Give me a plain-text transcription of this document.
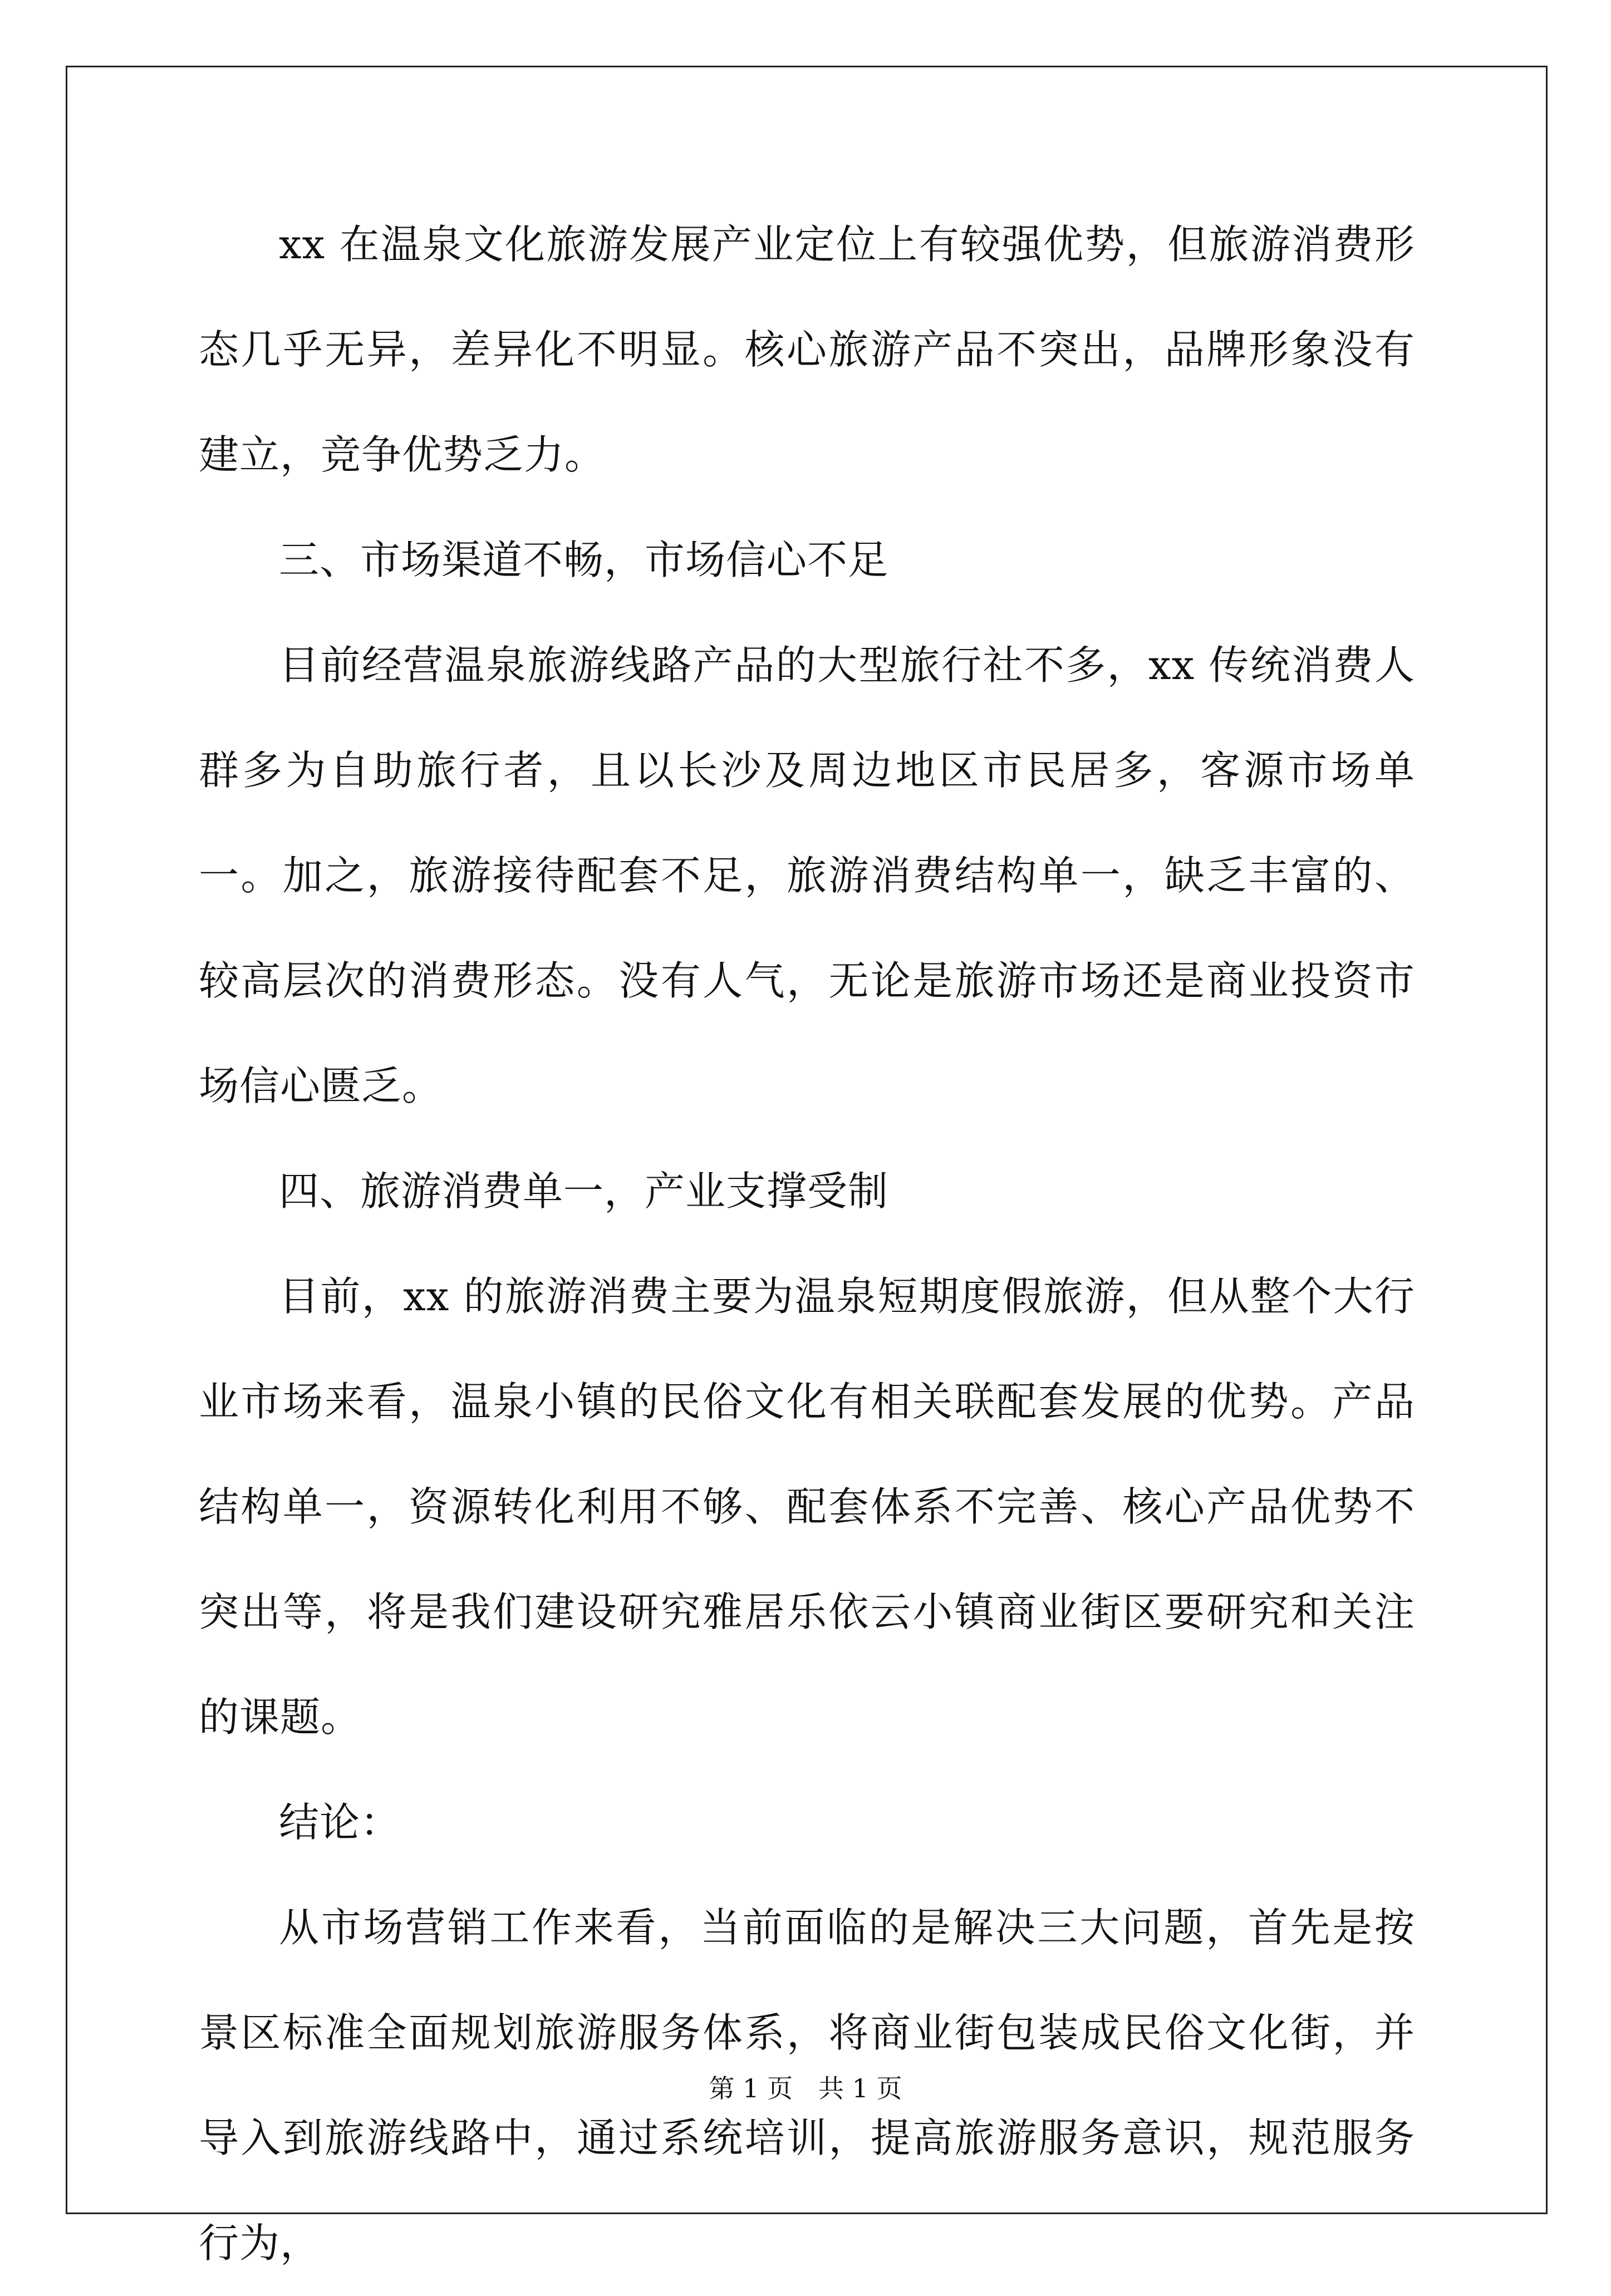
xx 在温泉文化旅游发展产业定位上有较强优势，但旅游消费形态几乎无异，差异化不明显。核心旅游产品不突出，品牌形象没有建立，竞争优势乏力。

三、市场渠道不畅，市场信心不足

目前经营温泉旅游线路产品的大型旅行社不多，xx 传统消费人群多为自助旅行者，且以长沙及周边地区市民居多，客源市场单一。加之，旅游接待配套不足，旅游消费结构单一，缺乏丰富的、较高层次的消费形态。没有人气，无论是旅游市场还是商业投资市场信心匮乏。

四、旅游消费单一，产业支撑受制

目前，xx 的旅游消费主要为温泉短期度假旅游，但从整个大行业市场来看，温泉小镇的民俗文化有相关联配套发展的优势。产品结构单一，资源转化利用不够、配套体系不完善、核心产品优势不突出等，将是我们建设研究雅居乐依云小镇商业街区要研究和关注的课题。

结论：

从市场营销工作来看，当前面临的是解决三大问题，首先是按景区标准全面规划旅游服务体系，将商业街包装成民俗文化街，并导入到旅游线路中，通过系统培训，提高旅游服务意识，规范服务行为，

第 1 页 共 1 页
